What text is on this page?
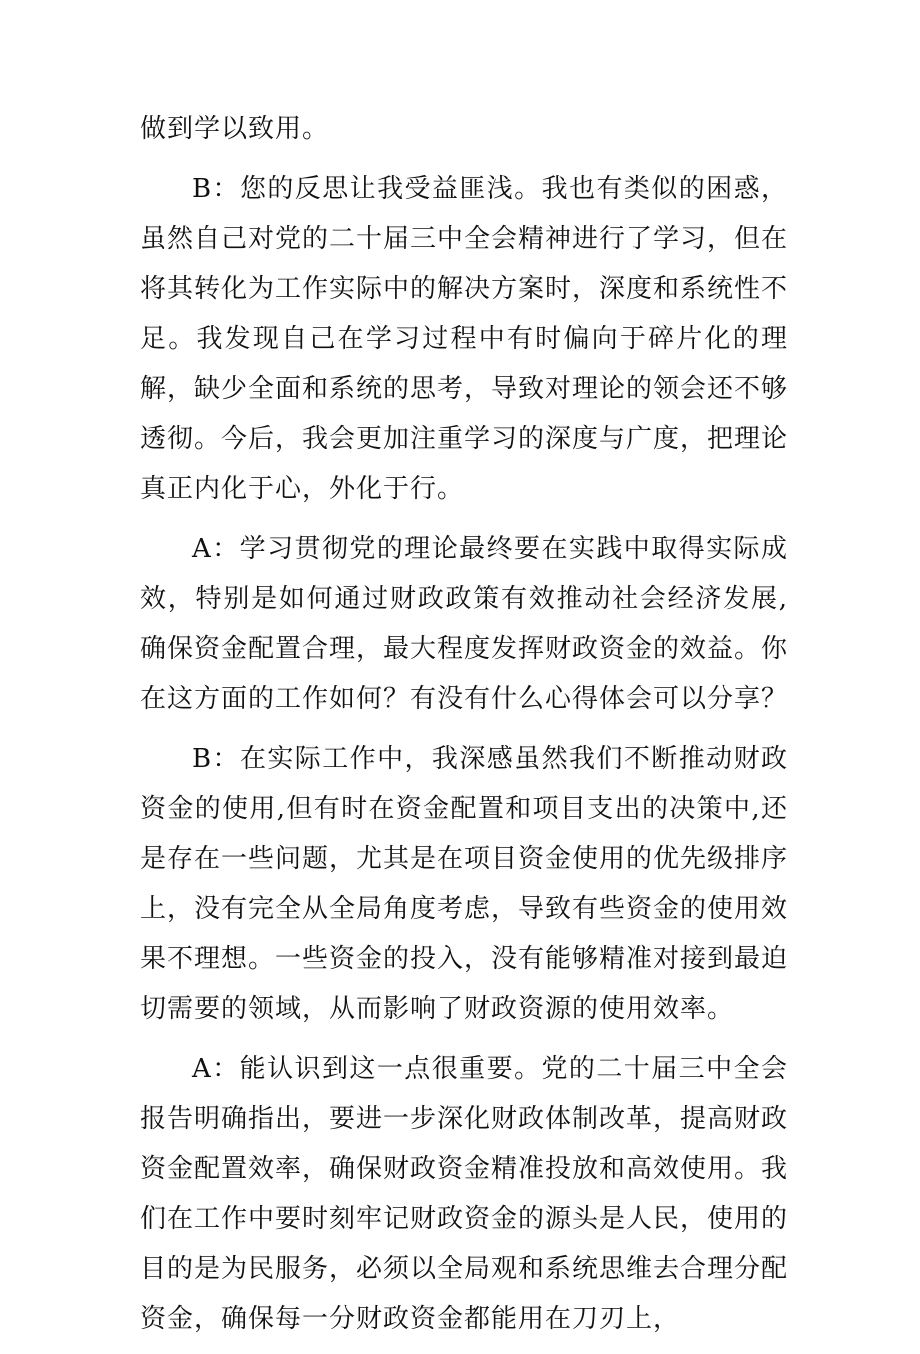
做到学以致用。

B：您的反思让我受益匪浅。我也有类似的困惑，虽然自己对党的二十届三中全会精神进行了学习，但在将其转化为工作实际中的解决方案时，深度和系统性不足。我发现自己在学习过程中有时偏向于碎片化的理解，缺少全面和系统的思考，导致对理论的领会还不够透彻。今后，我会更加注重学习的深度与广度，把理论真正内化于心，外化于行。

A：学习贯彻党的理论最终要在实践中取得实际成效，特别是如何通过财政政策有效推动社会经济发展,确保资金配置合理，最大程度发挥财政资金的效益。你在这方面的工作如何？有没有什么心得体会可以分享？

B：在实际工作中，我深感虽然我们不断推动财政资金的使用,但有时在资金配置和项目支出的决策中,还是存在一些问题，尤其是在项目资金使用的优先级排序上，没有完全从全局角度考虑，导致有些资金的使用效果不理想。一些资金的投入，没有能够精准对接到最迫切需要的领域，从而影响了财政资源的使用效率。

A：能认识到这一点很重要。党的二十届三中全会报告明确指出，要进一步深化财政体制改革，提高财政资金配置效率，确保财政资金精准投放和高效使用。我们在工作中要时刻牢记财政资金的源头是人民，使用的目的是为民服务，必须以全局观和系统思维去合理分配资金，确保每一分财政资金都能用在刀刃上，
